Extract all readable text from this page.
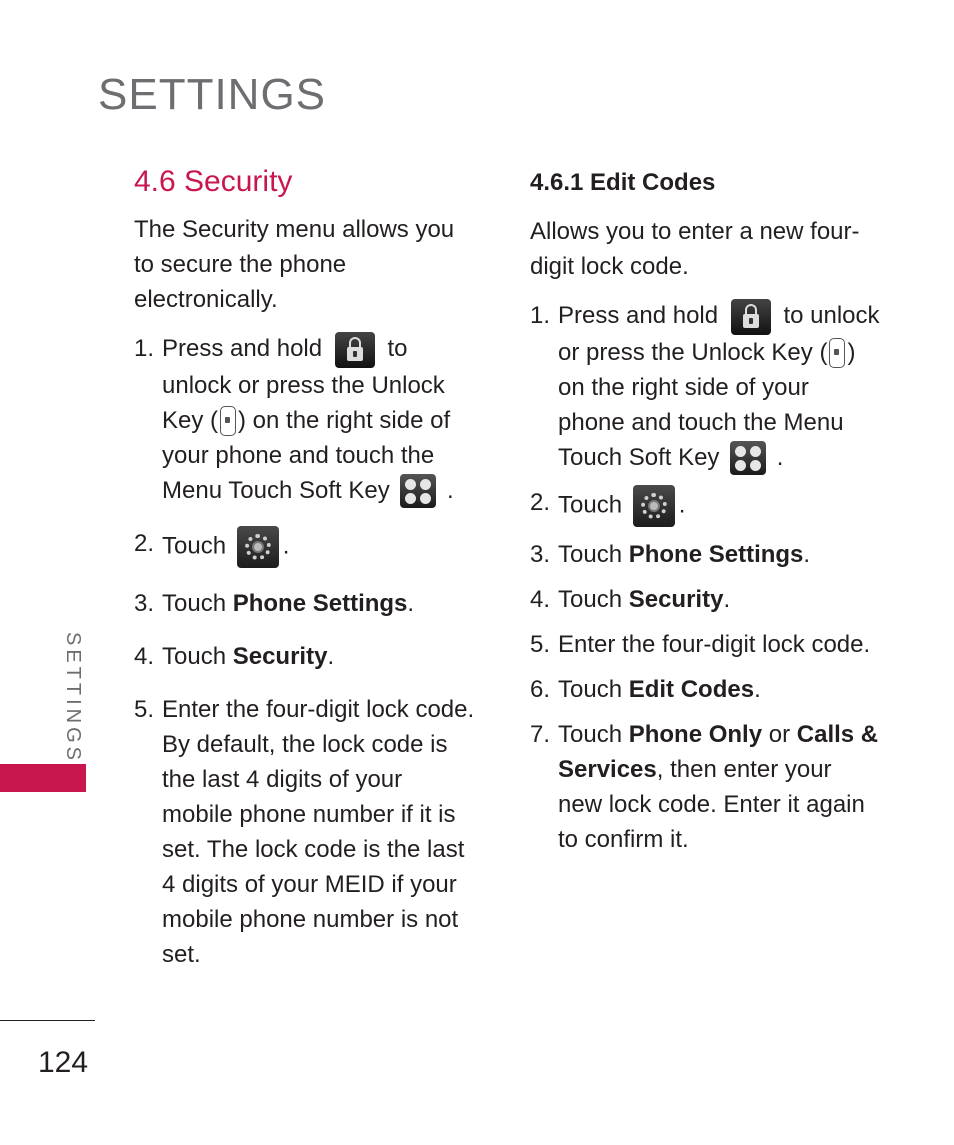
SETTINGS
SETTINGS
124
4.6 Security

The Security menu allows you to secure the phone electronically.

1. Press and hold	to unlock or press the Unlock Key ( ) on the right side of your phone and touch the Menu Touch Soft Key .
2. Touch .
3. Touch Phone Settings.
4. Touch Security.
5. Enter the four-digit lock code. By default, the lock code is the last 4 digits of your mobile phone number if it is set. The lock code is the last 4 digits of your MEID if your mobile phone number is not set.
4.6.1 Edit Codes

Allows you to enter a new four-digit lock code.

1. Press and hold	to unlock or press the Unlock Key ( ) on the right side of your phone and touch the Menu Touch Soft Key .
2. Touch .
3. Touch Phone Settings.
4. Touch Security.
5. Enter the four-digit lock code.
6. Touch Edit Codes.
7. Touch Phone Only or Calls & Services, then enter your new lock code. Enter it again to confirm it.
